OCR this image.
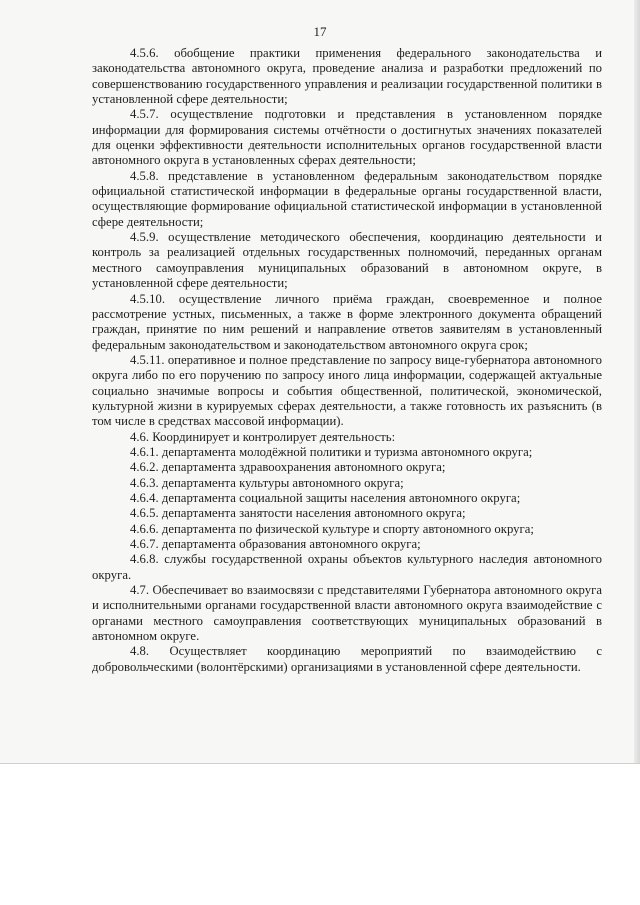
17

4.5.6. обобщение практики применения федерального законодательства и законодательства автономного округа, проведение анализа и разработки предложений по совершенствованию государственного управления и реализации государственной политики в установленной сфере деятельности;

4.5.7. осуществление подготовки и представления в установленном порядке информации для формирования системы отчётности о достигнутых значениях показателей для оценки эффективности деятельности исполнительных органов государственной власти автономного округа в установленных сферах деятельности;

4.5.8. представление в установленном федеральным законодательством порядке официальной статистической информации в федеральные органы государственной власти, осуществляющие формирование официальной статистической информации в установленной сфере деятельности;

4.5.9. осуществление методического обеспечения, координацию деятельности и контроль за реализацией отдельных государственных полномочий, переданных органам местного самоуправления муниципальных образований в автономном округе, в установленной сфере деятельности;

4.5.10. осуществление личного приёма граждан, своевременное и полное рассмотрение устных, письменных, а также в форме электронного документа обращений граждан, принятие по ним решений и направление ответов заявителям в установленный федеральным законодательством и законодательством автономного округа срок;

4.5.11. оперативное и полное представление по запросу вице-губернатора автономного округа либо по его поручению по запросу иного лица информации, содержащей актуальные социально значимые вопросы и события общественной, политической, экономической, культурной жизни в курируемых сферах деятельности, а также готовность их разъяснить (в том числе в средствах массовой информации).

4.6. Координирует и контролирует деятельность:

4.6.1. департамента молодёжной политики и туризма автономного округа;

4.6.2. департамента здравоохранения автономного округа;

4.6.3. департамента культуры автономного округа;

4.6.4. департамента социальной защиты населения автономного округа;

4.6.5. департамента занятости населения автономного округа;

4.6.6. департамента по физической культуре и спорту автономного округа;

4.6.7. департамента образования автономного округа;

4.6.8. службы государственной охраны объектов культурного наследия автономного округа.

4.7. Обеспечивает во взаимосвязи с представителями Губернатора автономного округа и исполнительными органами государственной власти автономного округа взаимодействие с органами местного самоуправления соответствующих муниципальных образований в автономном округе.

4.8. Осуществляет координацию мероприятий по взаимодействию с добровольческими (волонтёрскими) организациями в установленной сфере деятельности.
